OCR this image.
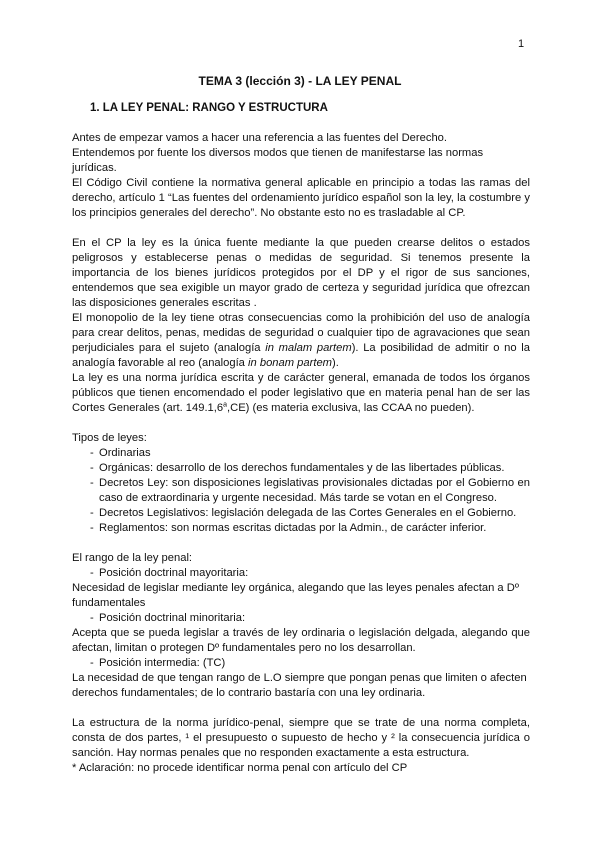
1
TEMA 3 (lección 3) - LA LEY PENAL
1. LA LEY PENAL: RANGO Y ESTRUCTURA

Antes de empezar vamos a hacer una referencia a las fuentes del Derecho.

Entendemos por fuente los diversos modos que tienen de manifestarse las normas jurídicas.

El Código Civil contiene la normativa general aplicable en principio a todas las ramas del derecho, artículo 1 “Las fuentes del ordenamiento jurídico español son la ley, la costumbre y los principios generales del derecho”. No obstante esto no es trasladable al CP.

En el CP la ley es la única fuente mediante la que pueden crearse delitos o estados peligrosos y establecerse penas o medidas de seguridad. Si tenemos presente la importancia de los bienes jurídicos protegidos por el DP y el rigor de sus sanciones, entendemos que sea exigible un mayor grado de certeza y seguridad jurídica que ofrezcan las disposiciones generales escritas .

El monopolio de la ley tiene otras consecuencias como la prohibición del uso de analogía para crear delitos, penas, medidas de seguridad o cualquier tipo de agravaciones que sean perjudiciales para el sujeto (analogía in malam partem). La posibilidad de admitir o no la analogía favorable al reo (analogía in bonam partem).

La ley es una norma jurídica escrita y de carácter general, emanada de todos los órganos públicos que tienen encomendado el poder legislativo que en materia penal han de ser las Cortes Generales (art. 149.1,6$^a$,CE) (es materia exclusiva, las CCAA no pueden).

Tipos de leyes:

- Ordinarias
- Orgánicas: desarrollo de los derechos fundamentales y de las libertades públicas.
- Decretos Ley: son disposiciones legislativas provisionales dictadas por el Gobierno en caso de extraordinaria y urgente necesidad. Más tarde se votan en el Congreso.
- Decretos Legislativos: legislación delegada de las Cortes Generales en el Gobierno.
- Reglamentos: son normas escritas dictadas por la Admin., de carácter inferior.

El rango de la ley penal:

- Posición doctrinal mayoritaria:

Necesidad de legislar mediante ley orgánica, alegando que las leyes penales afectan a Dº fundamentales

- Posición doctrinal minoritaria:

Acepta que se pueda legislar a través de ley ordinaria o legislación delgada, alegando que afectan, limitan o protegen Dº fundamentales pero no los desarrollan.

- Posición intermedia: (TC)

La necesidad de que tengan rango de L.O siempre que pongan penas que limiten o afecten derechos fundamentales; de lo contrario bastaría con una ley ordinaria.

La estructura de la norma jurídico-penal, siempre que se trate de una norma completa, consta de dos partes, ¹ el presupuesto o supuesto de hecho y ² la consecuencia jurídica o sanción. Hay normas penales que no responden exactamente a esta estructura.

* Aclaración: no procede identificar norma penal con artículo del CP
